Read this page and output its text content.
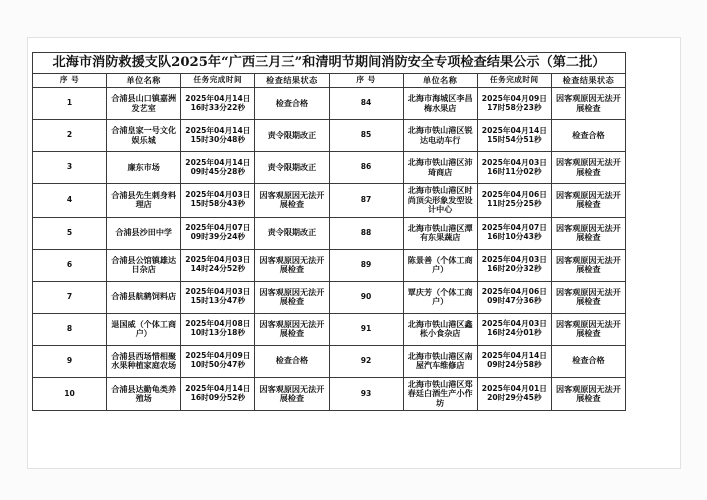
北海市消防救援支队2025年“广西三月三”和清明节期间消防安全专项检查结果公示（第二批）							
序 号	单位名称	任务完成时间	检查结果状态	序 号	单位名称	任务完成时间	检查结果状态
1	合浦县山口镇嘉洲发艺室	2025年04月14日 16时33分22秒	检查合格	84	北海市海城区李昌梅水果店	2025年04月09日 17时58分23秒	因客观原因无法开展检查
2	合浦皇家一号文化娱乐城	2025年04月14日 15时30分48秒	责令限期改正	85	北海市铁山港区锐达电动车行	2025年04月14日 15时54分51秒	检查合格
3	廉东市场	2025年04月14日 09时45分28秒	责令限期改正	86	北海市铁山港区沛琦商店	2025年04月03日 16时11分02秒	因客观原因无法开展检查
4	合浦县先生刺身料理店	2025年04月03日 15时58分43秒	因客观原因无法开展检查	87	北海市铁山港区时尚顶尖形象发型设计中心	2025年04月06日 11时25分25秒	因客观原因无法开展检查
5	合浦县沙田中学	2025年04月07日 09时39分24秒	责令限期改正	88	北海市铁山港区潭有东果蔬店	2025年04月07日 16时10分43秒	因客观原因无法开展检查
6	合浦县公馆镇雄达日杂店	2025年04月03日 14时24分52秒	因客观原因无法开展检查	89	陈景善（个体工商户）	2025年04月03日 16时20分32秒	因客观原因无法开展检查
7	合浦县航鹤饲料店	2025年04月03日 15时13分47秒	因客观原因无法开展检查	90	覃庆芳（个体工商户）	2025年04月06日 09时47分36秒	因客观原因无法开展检查
8	退国威（个体工商户）	2025年04月08日 10时13分18秒	因客观原因无法开展检查	91	北海市铁山港区鑫枨小食杂店	2025年04月03日 16时24分01秒	因客观原因无法开展检查
9	合浦县西场惜相聚水果种植家庭农场	2025年04月09日 10时50分47秒	检查合格	92	北海市铁山港区南屋汽车维修店	2025年04月14日 09时24分58秒	检查合格
10	合浦县达勤龟类养殖场	2025年04月14日 16时09分52秒	因客观原因无法开展检查	93	北海市铁山港区郑春廷白酒生产小作坊	2025年04月01日 20时29分45秒	因客观原因无法开展检查
